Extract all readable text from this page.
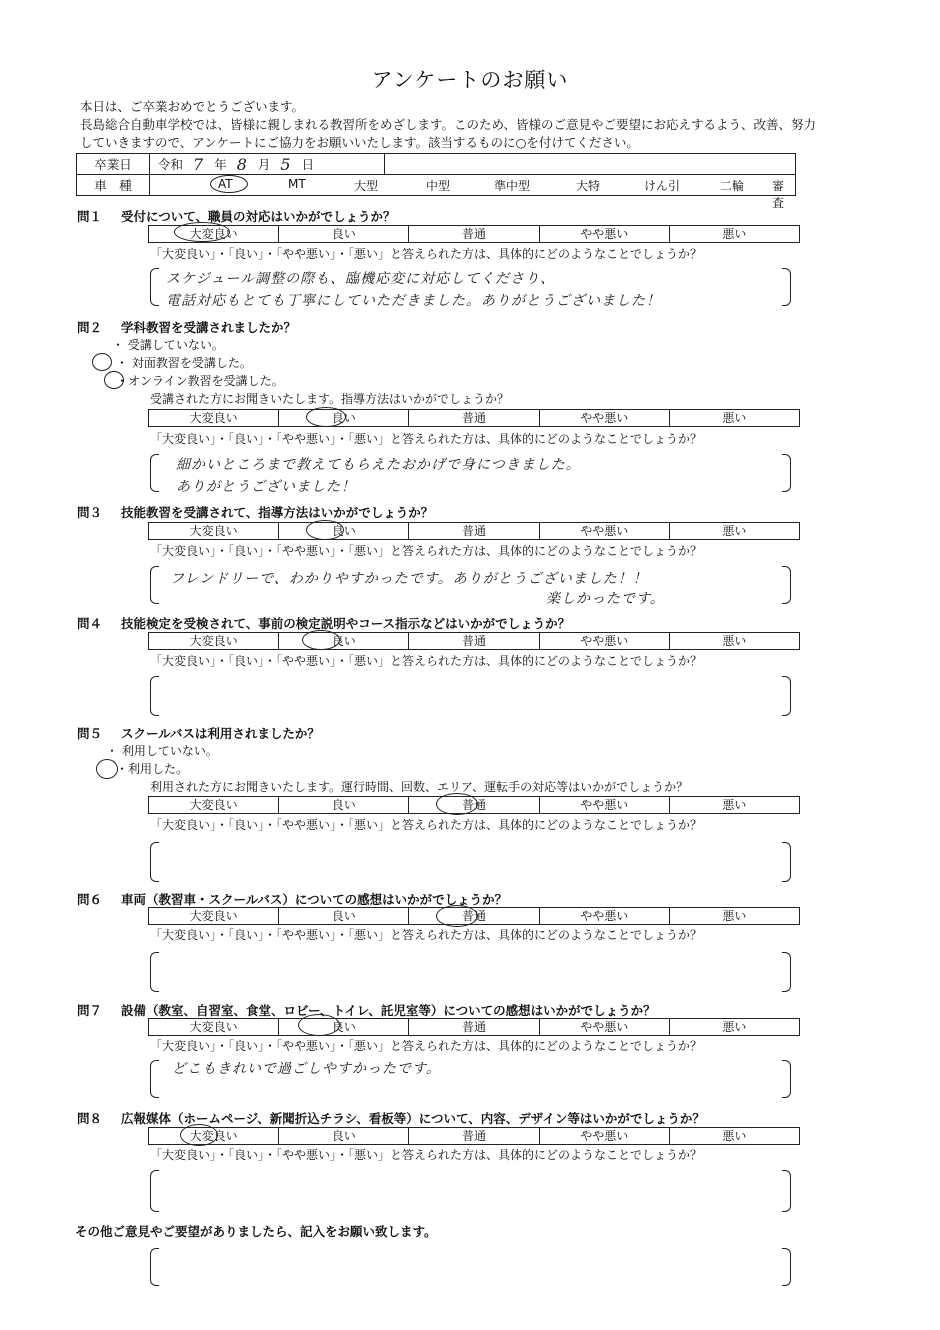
アンケートのお願い
本日は、ご卒業おめでとうございます。
長島総合自動車学校では、皆様に親しまれる教習所をめざします。このため、皆様のご意見やご要望にお応えするよう、改善、努力
していきますので、アンケートにご協力をお願いいたします。該当するものに○を付けてください。
卒業日	令和 7 年 8 月 5 日
車　種	AT	MT	大型	中型	準中型	大特	けん引	二輪 審査
問１ 受付について、職員の対応はいかがでしょうか？
大変良い	良い	普通	やや悪い	悪い
「大変良い」・「良い」・「やや悪い」・「悪い」と答えられた方は、具体的にどのようなことでしょうか？
スケジュール調整の際も、臨機応変に対応してくださり、
電話対応もとても丁寧にしていただきました。ありがとうございました！
問２ 学科教習を受講されましたか？
・ 受講していない。
・ 対面教習を受講した。
・オンライン教習を受講した。
受講された方にお聞きいたします。指導方法はいかがでしょうか？
大変良い	良い	普通	やや悪い	悪い
「大変良い」・「良い」・「やや悪い」・「悪い」と答えられた方は、具体的にどのようなことでしょうか？
細かいところまで教えてもらえたおかげで身につきました。
ありがとうございました！
問３ 技能教習を受講されて、指導方法はいかがでしょうか？
大変良い	良い	普通	やや悪い	悪い
「大変良い」・「良い」・「やや悪い」・「悪い」と答えられた方は、具体的にどのようなことでしょうか？
フレンドリーで、わかりやすかったです。ありがとうございました！！
楽しかったです。
問４ 技能検定を受検されて、事前の検定説明やコース指示などはいかがでしょうか？
大変良い	良い	普通	やや悪い	悪い
「大変良い」・「良い」・「やや悪い」・「悪い」と答えられた方は、具体的にどのようなことでしょうか？
問５ スクールバスは利用されましたか？
・ 利用していない。
・利用した。
利用された方にお聞きいたします。運行時間、回数、エリア、運転手の対応等はいかがでしょうか？
大変良い	良い	普通	やや悪い	悪い
「大変良い」・「良い」・「やや悪い」・「悪い」と答えられた方は、具体的にどのようなことでしょうか？
問６ 車両（教習車・スクールバス）についての感想はいかがでしょうか？
大変良い	良い	普通	やや悪い	悪い
「大変良い」・「良い」・「やや悪い」・「悪い」と答えられた方は、具体的にどのようなことでしょうか？
問７ 設備（教室、自習室、食堂、ロビー、トイレ、託児室等）についての感想はいかがでしょうか？
大変良い	良い	普通	やや悪い	悪い
「大変良い」・「良い」・「やや悪い」・「悪い」と答えられた方は、具体的にどのようなことでしょうか？
どこもきれいで過ごしやすかったです。
問８ 広報媒体（ホームページ、新聞折込チラシ、看板等）について、内容、デザイン等はいかがでしょうか？
大変良い	良い	普通	やや悪い	悪い
「大変良い」・「良い」・「やや悪い」・「悪い」と答えられた方は、具体的にどのようなことでしょうか？
その他ご意見やご要望がありましたら、記入をお願い致します。
